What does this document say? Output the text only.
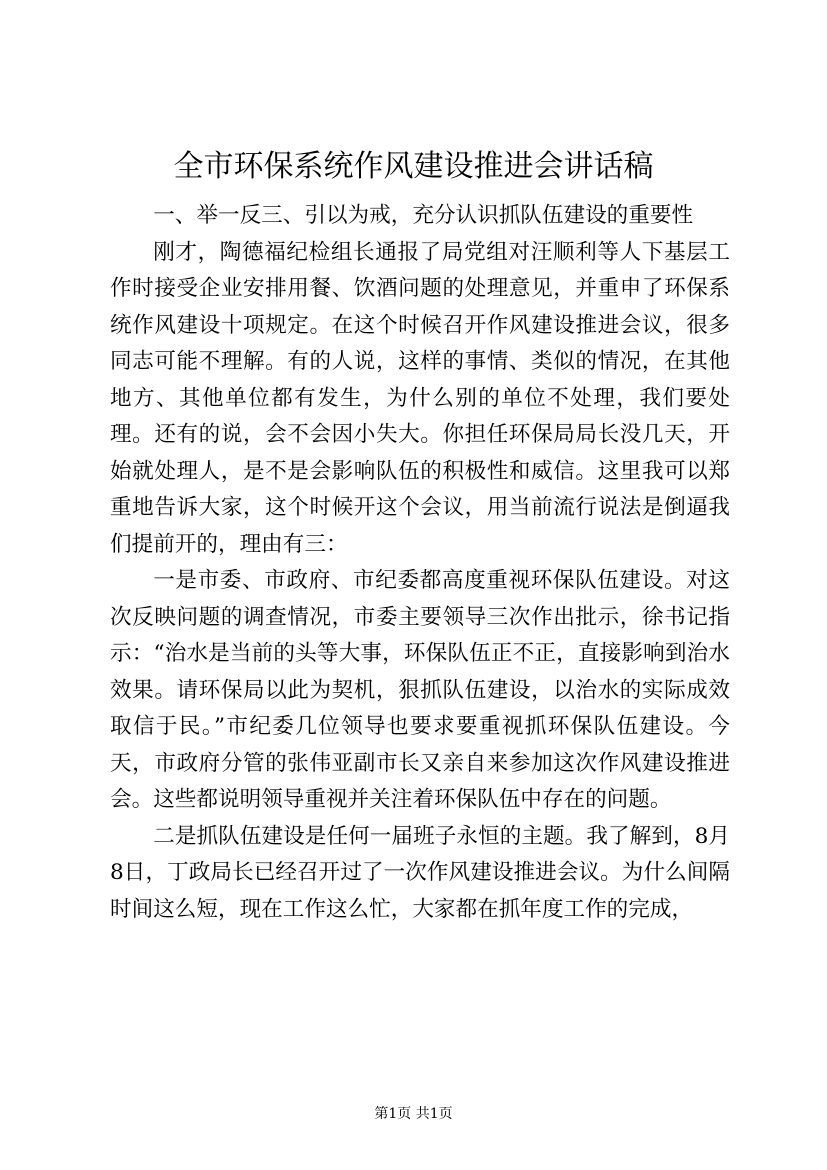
全市环保系统作风建设推进会讲话稿

一、举一反三、引以为戒，充分认识抓队伍建设的重要性

刚才，陶德福纪检组长通报了局党组对汪顺利等人下基层工作时接受企业安排用餐、饮酒问题的处理意见，并重申了环保系统作风建设十项规定。在这个时候召开作风建设推进会议，很多同志可能不理解。有的人说，这样的事情、类似的情况，在其他地方、其他单位都有发生，为什么别的单位不处理，我们要处理。还有的说，会不会因小失大。你担任环保局局长没几天，开始就处理人，是不是会影响队伍的积极性和威信。这里我可以郑重地告诉大家，这个时候开这个会议，用当前流行说法是倒逼我们提前开的，理由有三：

一是市委、市政府、市纪委都高度重视环保队伍建设。对这次反映问题的调查情况，市委主要领导三次作出批示，徐书记指示：“治水是当前的头等大事，环保队伍正不正，直接影响到治水效果。请环保局以此为契机，狠抓队伍建设，以治水的实际成效取信于民。”市纪委几位领导也要求要重视抓环保队伍建设。今天，市政府分管的张伟亚副市长又亲自来参加这次作风建设推进会。这些都说明领导重视并关注着环保队伍中存在的问题。

二是抓队伍建设是任何一届班子永恒的主题。我了解到，8月8日，丁政局长已经召开过了一次作风建设推进会议。为什么间隔时间这么短，现在工作这么忙，大家都在抓年度工作的完成，

第1页 共1页
